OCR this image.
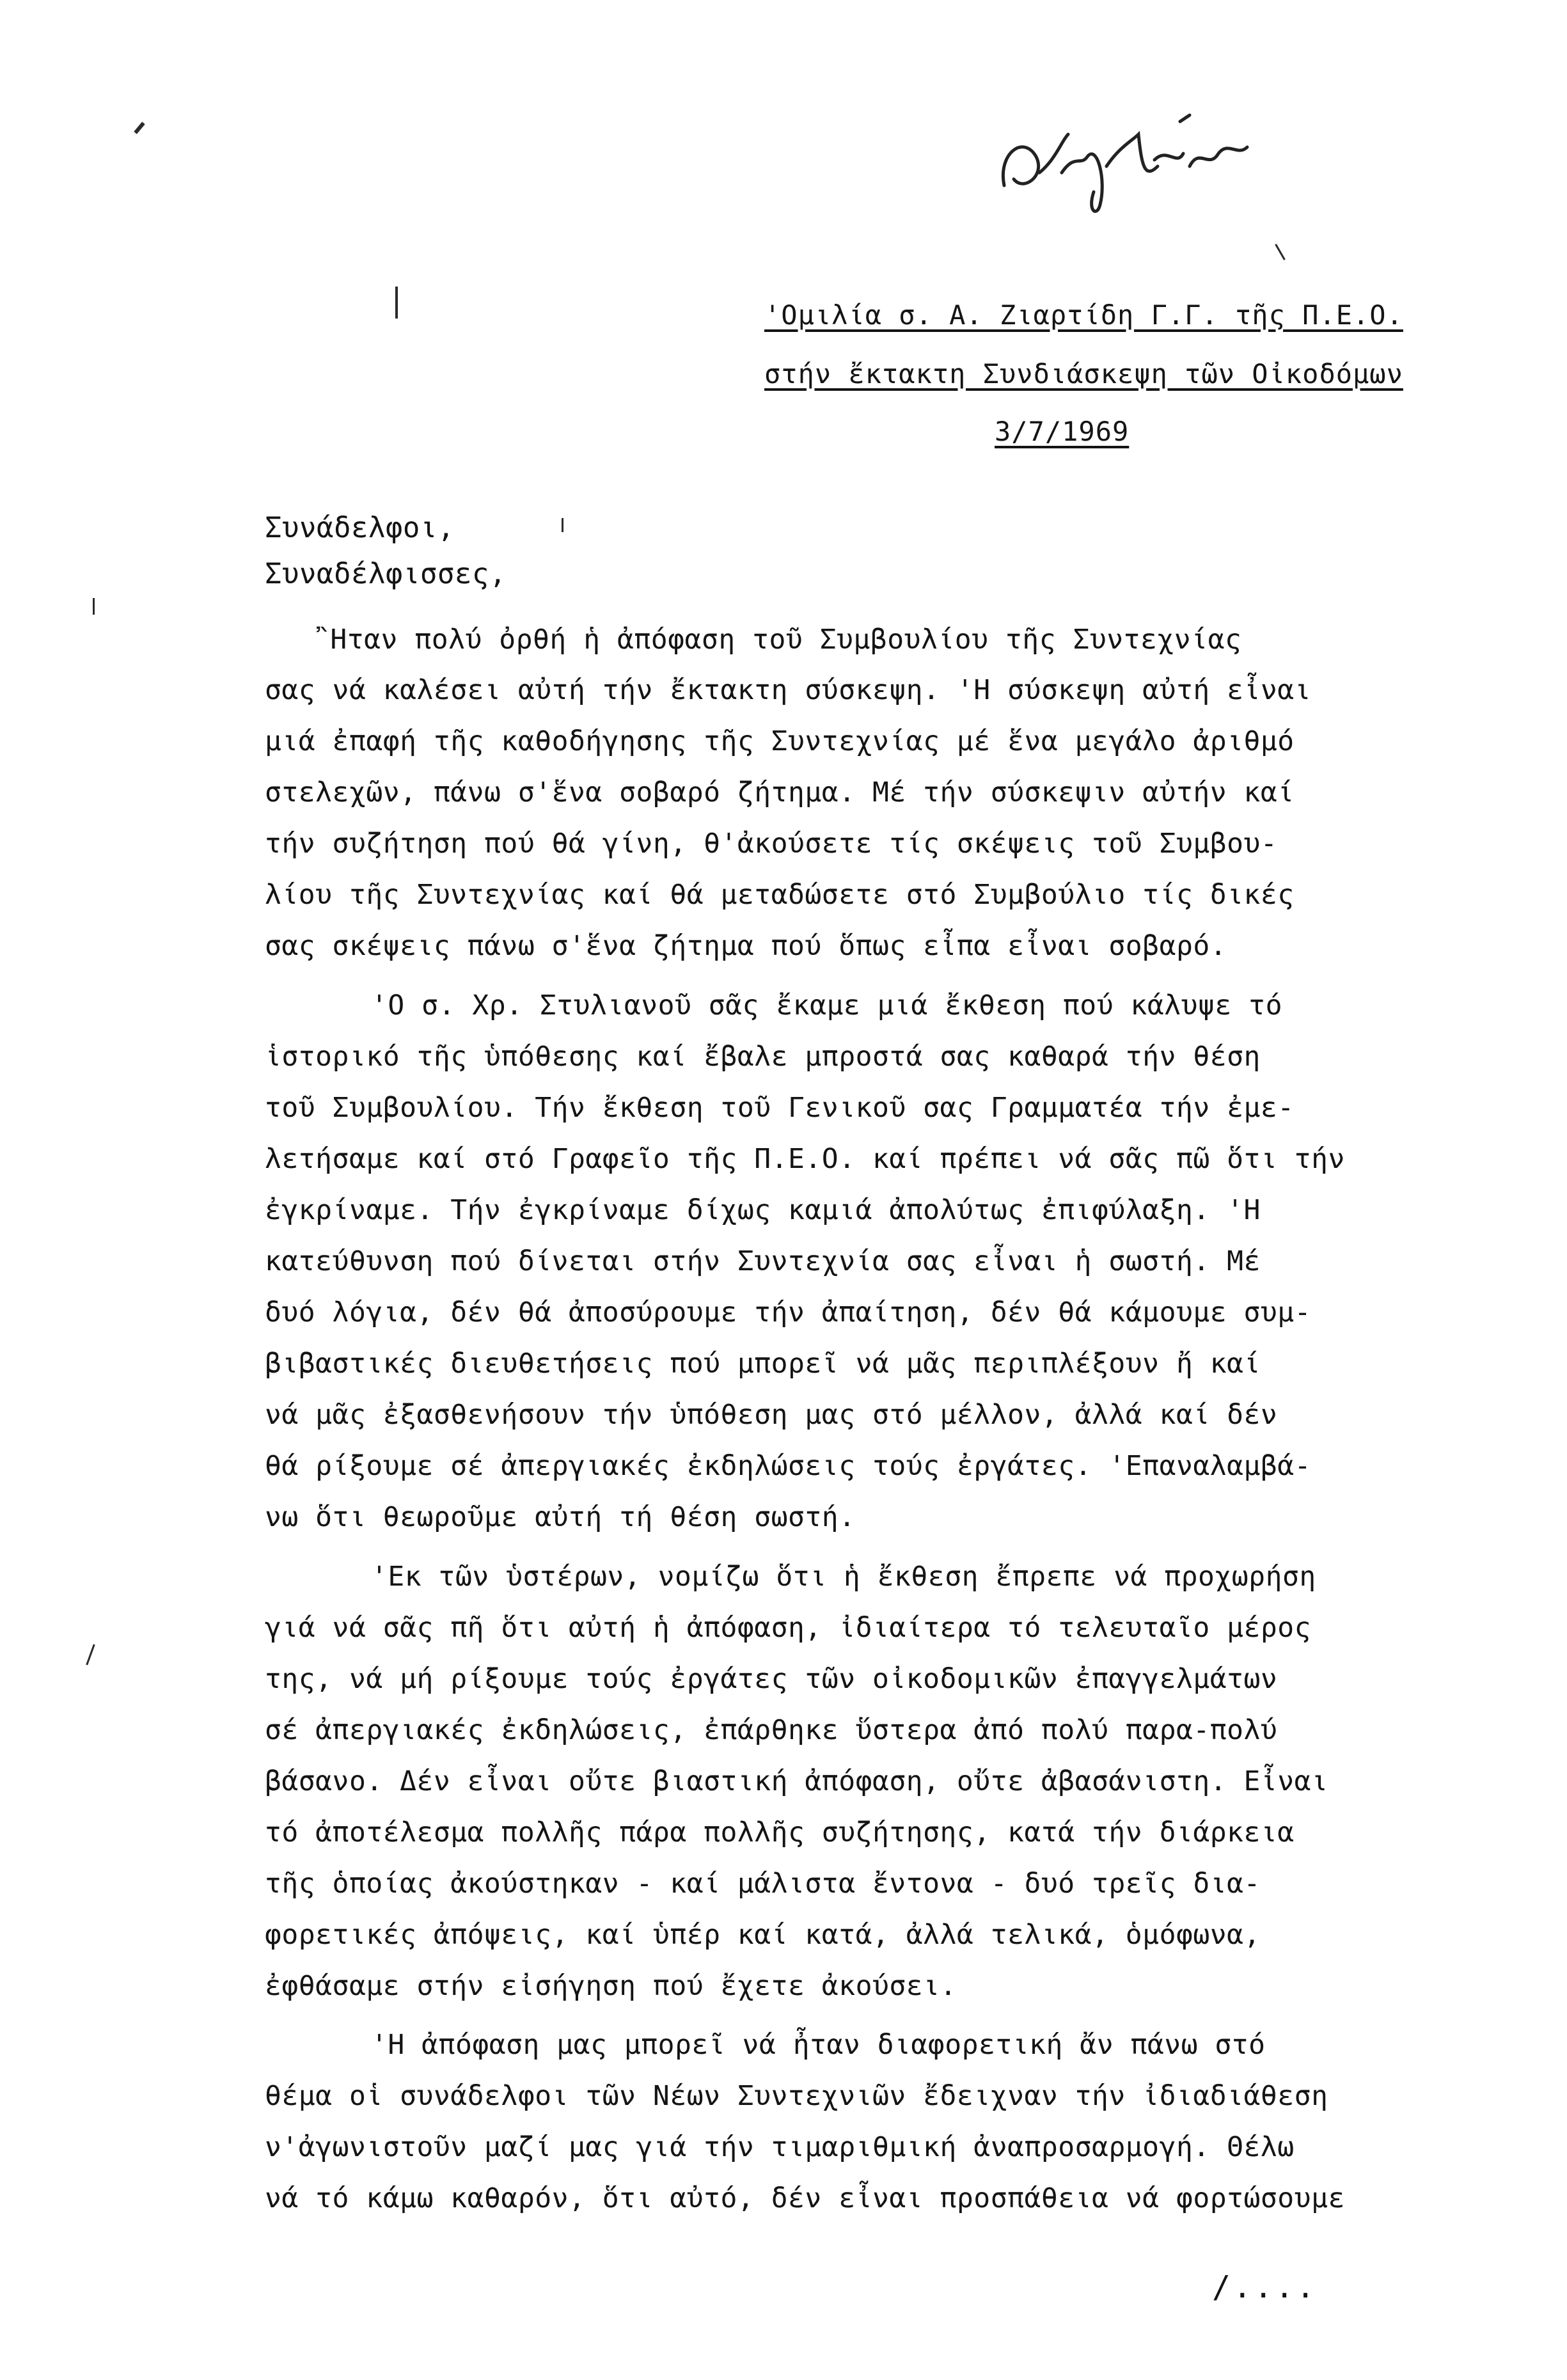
'Ομιλία σ. Α. Ζιαρτίδη Γ.Γ. τῆς Π.Ε.Ο.
στήν ἔκτακτη Συνδιάσκεψη τῶν Οἰκοδόμων
3/7/1969
Συνάδελφοι,
Συναδέλφισσες,
῍Ηταν πολύ ὀρθή ἡ ἀπόφαση τοῦ Συμβουλίου τῆς Συντεχνίας
σας νά καλέσει αὐτή τήν ἔκτακτη σύσκεψη. 'Η σύσκεψη αὐτή εἶναι
μιά ἐπαφή τῆς καθοδήγησης τῆς Συντεχνίας μέ ἕνα μεγάλο ἀριθμό
στελεχῶν, πάνω σ'ἕνα σοβαρό ζήτημα. Μέ τήν σύσκεψιν αὐτήν καί
τήν συζήτηση πού θά γίνη, θ'ἀκούσετε τίς σκέψεις τοῦ Συμβου-
λίου τῆς Συντεχνίας καί θά μεταδώσετε στό Συμβούλιο τίς δικές
σας σκέψεις πάνω σ'ἕνα ζήτημα πού ὅπως εἶπα εἶναι σοβαρό.
'Ο σ. Χρ. Στυλιανοῦ σᾶς ἔκαμε μιά ἔκθεση πού κάλυψε τό
ἱστορικό τῆς ὑπόθεσης καί ἔβαλε μπροστά σας καθαρά τήν θέση
τοῦ Συμβουλίου. Τήν ἔκθεση τοῦ Γενικοῦ σας Γραμματέα τήν ἐμε-
λετήσαμε καί στό Γραφεῖο τῆς Π.Ε.Ο. καί πρέπει νά σᾶς πῶ ὅτι τήν
ἐγκρίναμε. Τήν ἐγκρίναμε δίχως καμιά ἀπολύτως ἐπιφύλαξη. 'Η
κατεύθυνση πού δίνεται στήν Συντεχνία σας εἶναι ἡ σωστή. Μέ
δυό λόγια, δέν θά ἀποσύρουμε τήν ἀπαίτηση, δέν θά κάμουμε συμ-
βιβαστικές διευθετήσεις πού μπορεῖ νά μᾶς περιπλέξουν ἤ καί
νά μᾶς ἐξασθενήσουν τήν ὑπόθεση μας στό μέλλον, ἀλλά καί δέν
θά ρίξουμε σέ ἀπεργιακές ἐκδηλώσεις τούς ἐργάτες. 'Επαναλαμβά-
νω ὅτι θεωροῦμε αὐτή τή θέση σωστή.
'Εκ τῶν ὑστέρων, νομίζω ὅτι ἡ ἔκθεση ἔπρεπε νά προχωρήση
γιά νά σᾶς πῆ ὅτι αὐτή ἡ ἀπόφαση, ἰδιαίτερα τό τελευταῖο μέρος
της, νά μή ρίξουμε τούς ἐργάτες τῶν οἰκοδομικῶν ἐπαγγελμάτων
σέ ἀπεργιακές ἐκδηλώσεις, ἐπάρθηκε ὕστερα ἀπό πολύ παρα-πολύ
βάσανο. Δέν εἶναι οὔτε βιαστική ἀπόφαση, οὔτε ἀβασάνιστη. Εἶναι
τό ἀποτέλεσμα πολλῆς πάρα πολλῆς συζήτησης, κατά τήν διάρκεια
τῆς ὁποίας ἀκούστηκαν - καί μάλιστα ἔντονα - δυό τρεῖς δια-
φορετικές ἀπόψεις, καί ὑπέρ καί κατά, ἀλλά τελικά, ὁμόφωνα,
ἐφθάσαμε στήν εἰσήγηση πού ἔχετε ἀκούσει.
'Η ἀπόφαση μας μπορεῖ νά ἦταν διαφορετική ἄν πάνω στό
θέμα οἱ συνάδελφοι τῶν Νέων Συντεχνιῶν ἔδειχναν τήν ἰδιαδιάθεση
ν'ἀγωνιστοῦν μαζί μας γιά τήν τιμαριθμική ἀναπροσαρμογή. Θέλω
νά τό κάμω καθαρόν, ὅτι αὐτό, δέν εἶναι προσπάθεια νά φορτώσουμε
/....
